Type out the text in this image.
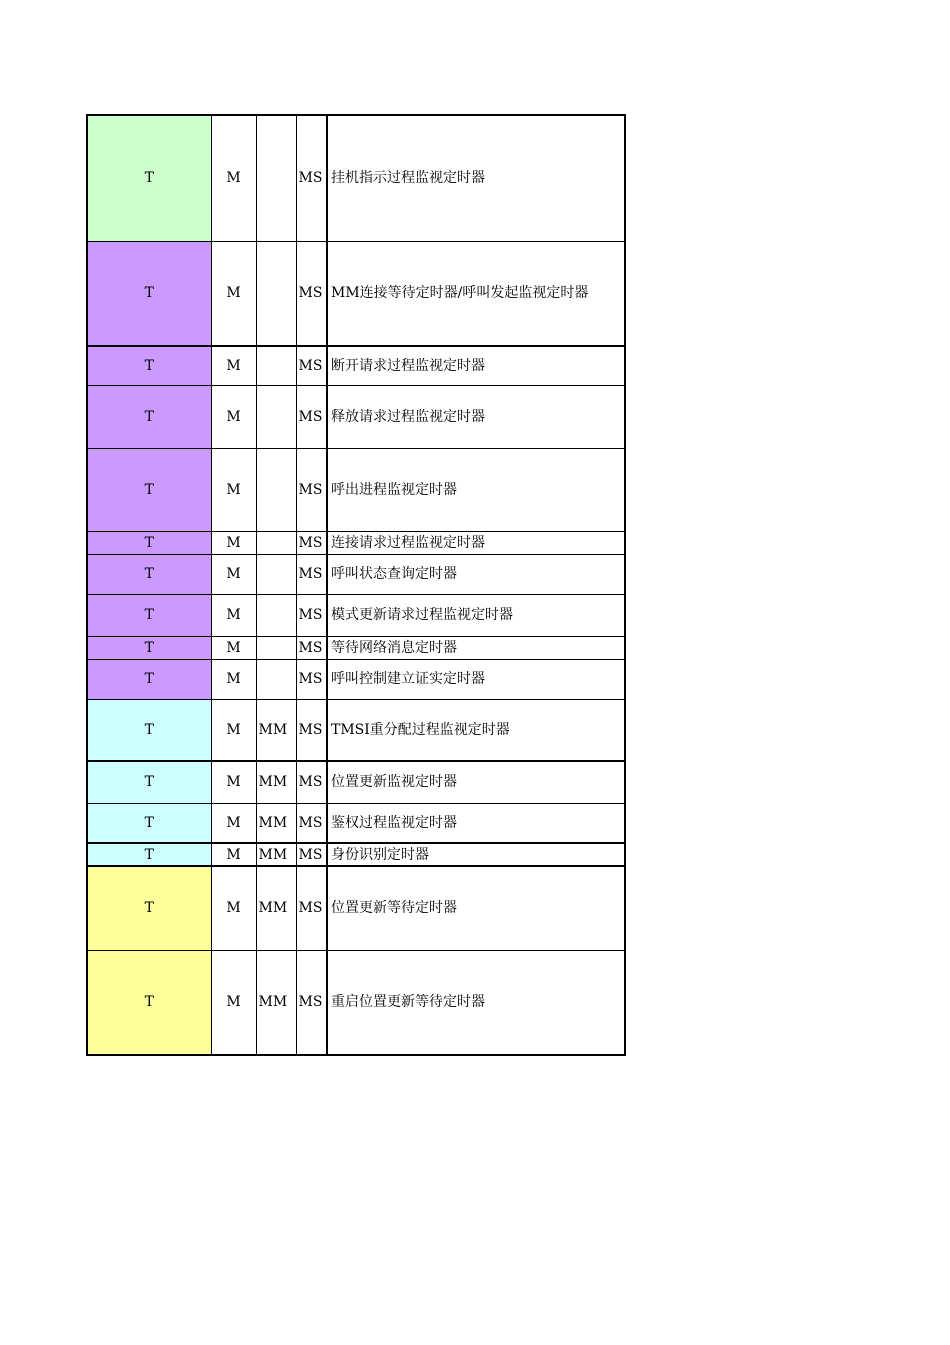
T	M		MS	挂机指示过程监视定时器
T	M		MS	MM连接等待定时器/呼叫发起监视定时器
T	M		MS	断开请求过程监视定时器
T	M		MS	释放请求过程监视定时器
T	M		MS	呼出进程监视定时器
T	M		MS	连接请求过程监视定时器
T	M		MS	呼叫状态查询定时器
T	M		MS	模式更新请求过程监视定时器
T	M		MS	等待网络消息定时器
T	M		MS	呼叫控制建立证实定时器
T	M	MM	MS	TMSI重分配过程监视定时器
T	M	MM	MS	位置更新监视定时器
T	M	MM	MS	鉴权过程监视定时器
T	M	MM	MS	身份识别定时器
T	M	MM	MS	位置更新等待定时器
T	M	MM	MS	重启位置更新等待定时器
